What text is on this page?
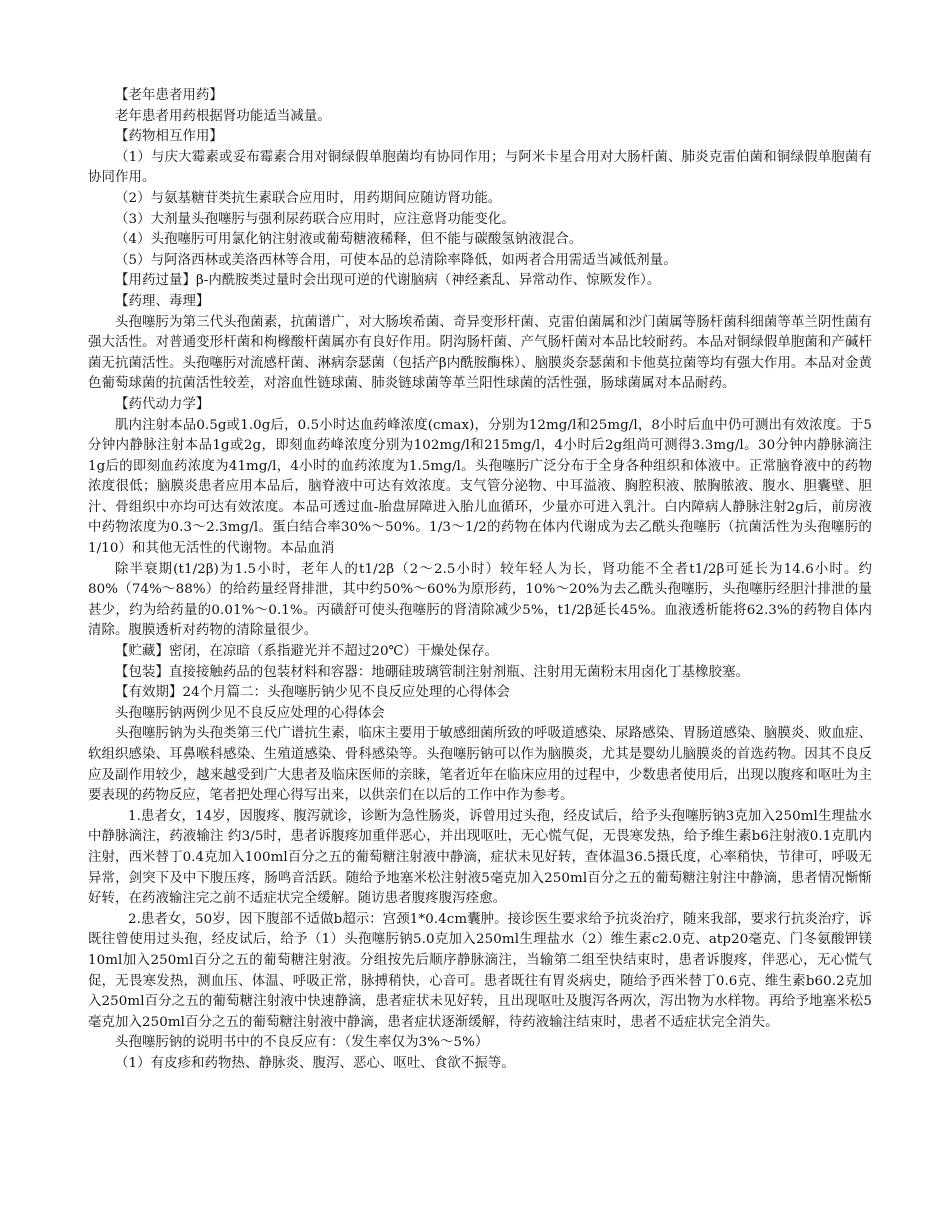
【老年患者用药】

老年患者用药根据肾功能适当减量。

【药物相互作用】

（1）与庆大霉素或妥布霉素合用对铜绿假单胞菌均有协同作用；与阿米卡星合用对大肠杆菌、肺炎克雷伯菌和铜绿假单胞菌有协同作用。

（2）与氨基糖苷类抗生素联合应用时，用药期间应随访肾功能。

（3）大剂量头孢噻肟与强利尿药联合应用时，应注意肾功能变化。

（4）头孢噻肟可用氯化钠注射液或葡萄糖液稀释，但不能与碳酸氢钠液混合。

（5）与阿洛西林或美洛西林等合用，可使本品的总清除率降低，如两者合用需适当减低剂量。

【用药过量】β-内酰胺类过量时会出现可逆的代谢脑病（神经紊乱、异常动作、惊厥发作）。

【药理、毒理】

头孢噻肟为第三代头孢菌素，抗菌谱广，对大肠埃希菌、奇异变形杆菌、克雷伯菌属和沙门菌属等肠杆菌科细菌等革兰阴性菌有强大活性。对普通变形杆菌和枸橼酸杆菌属亦有良好作用。阴沟肠杆菌、产气肠杆菌对本品比较耐药。本品对铜绿假单胞菌和产碱杆菌无抗菌活性。头孢噻肟对流感杆菌、淋病奈瑟菌（包括产β内酰胺酶株）、脑膜炎奈瑟菌和卡他莫拉菌等均有强大作用。本品对金黄色葡萄球菌的抗菌活性较差，对溶血性链球菌、肺炎链球菌等革兰阳性球菌的活性强，肠球菌属对本品耐药。

【药代动力学】

肌内注射本品0.5g或1.0g后，0.5小时达血药峰浓度(cmax)，分别为12mg/l和25mg/l，8小时后血中仍可测出有效浓度。于5分钟内静脉注射本品1g或2g，即刻血药峰浓度分别为102mg/l和215mg/l，4小时后2g组尚可测得3.3mg/l。30分钟内静脉滴注1g后的即刻血药浓度为41mg/l，4小时的血药浓度为1.5mg/l。头孢噻肟广泛分布于全身各种组织和体液中。正常脑脊液中的药物浓度很低；脑膜炎患者应用本品后，脑脊液中可达有效浓度。支气管分泌物、中耳溢液、胸腔积液、脓胸脓液、腹水、胆囊壁、胆汁、骨组织中亦均可达有效浓度。本品可透过血-胎盘屏障进入胎儿血循环，少量亦可进入乳汁。白内障病人静脉注射2g后，前房液中药物浓度为0.3～2.3mg/l。蛋白结合率30%～50%。1/3～1/2的药物在体内代谢成为去乙酰头孢噻肟（抗菌活性为头孢噻肟的1/10）和其他无活性的代谢物。本品血消

除半衰期(t1/2β)为1.5小时，老年人的t1/2β（2～2.5小时）较年轻人为长，肾功能不全者t1/2β可延长为14.6小时。约80%（74%～88%）的给药量经肾排泄，其中约50%～60%为原形药，10%～20%为去乙酰头孢噻肟，头孢噻肟经胆汁排泄的量甚少，约为给药量的0.01%～0.1%。丙磺舒可使头孢噻肟的肾清除减少5%，t1/2β延长45%。血液透析能将62.3%的药物自体内清除。腹膜透析对药物的清除量很少。

【贮藏】密闭，在凉暗（系指避光并不超过20℃）干燥处保存。

【包装】直接接触药品的包装材料和容器：地硼硅玻璃管制注射剂瓶、注射用无菌粉末用卤化丁基橡胶塞。

【有效期】24个月篇二：头孢噻肟钠少见不良反应处理的心得体会

头孢噻肟钠两例少见不良反应处理的心得体会

头孢噻肟钠为头孢类第三代广谱抗生素，临床主要用于敏感细菌所致的呼吸道感染、尿路感染、胃肠道感染、脑膜炎、败血症、软组织感染、耳鼻喉科感染、生殖道感染、骨科感染等。头孢噻肟钠可以作为脑膜炎，尤其是婴幼儿脑膜炎的首选药物。因其不良反应及副作用较少，越来越受到广大患者及临床医师的亲睐，笔者近年在临床应用的过程中，少数患者使用后，出现以腹疼和呕吐为主要表现的药物反应，笔者把处理心得写出来，以供亲们在以后的工作中作为参考。

1.患者女，14岁，因腹疼、腹泻就诊，诊断为急性肠炎，诉曾用过头孢，经皮试后，给予头孢噻肟钠3克加入250ml生理盐水中静脉滴注，药液输注 约3/5时，患者诉腹疼加重伴恶心，并出现呕吐，无心慌气促，无畏寒发热，给予维生素b6注射液0.1克肌内注射，西米替丁0.4克加入100ml百分之五的葡萄糖注射液中静滴，症状未见好转，查体温36.5摄氏度，心率稍快，节律可，呼吸无异常，剑突下及中下腹压疼，肠鸣音活跃。随给予地塞米松注射液5毫克加入250ml百分之五的葡萄糖注射注中静滴，患者情况惭惭好转，在药液输注完之前不适症状完全缓解。随访患者腹疼腹泻痊愈。

2.患者女，50岁，因下腹部不适做b超示：宫颈1*0.4cm囊肿。接诊医生要求给予抗炎治疗，随来我部，要求行抗炎治疗，诉既往曾使用过头孢，经皮试后，给予（1）头孢噻肟钠5.0克加入250ml生理盐水（2）维生素c2.0克、atp20毫克、门冬氨酸钾镁10ml加入250ml百分之五的葡萄糖注射液。分组按先后顺序静脉滴注，当输第二组至快结束时，患者诉腹疼，伴恶心，无心慌气促，无畏寒发热，测血压、体温、呼吸正常，脉搏稍快，心音可。患者既往有胃炎病史，随给予西米替丁0.6克、维生素b60.2克加入250ml百分之五的葡萄糖注射液中快速静滴，患者症状未见好转，且出现呕吐及腹泻各两次，泻出物为水样物。再给予地塞米松5毫克加入250ml百分之五的葡萄糖注射液中静滴，患者症状逐渐缓解，待药液输注结束时，患者不适症状完全消失。

头孢噻肟钠的说明书中的不良反应有：（发生率仅为3%～5%）

（1）有皮疹和药物热、静脉炎、腹泻、恶心、呕吐、食欲不振等。
